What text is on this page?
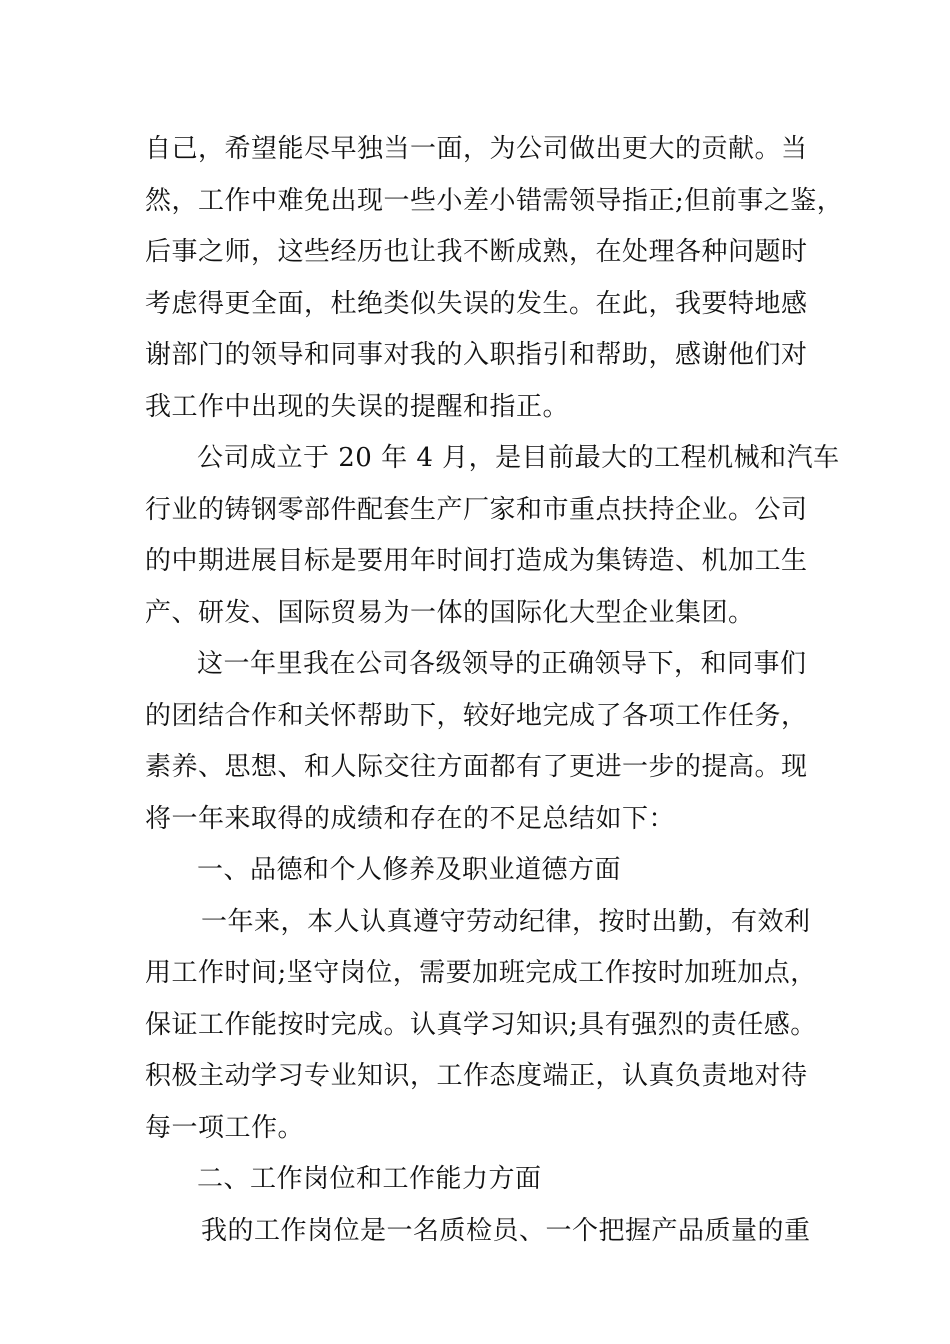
自己，希望能尽早独当一面，为公司做出更大的贡献。当
然，工作中难免出现一些小差小错需领导指正;但前事之鉴，
后事之师，这些经历也让我不断成熟，在处理各种问题时
考虑得更全面，杜绝类似失误的发生。在此，我要特地感
谢部门的领导和同事对我的入职指引和帮助，感谢他们对
我工作中出现的失误的提醒和指正。
公司成立于 20 年 4 月，是目前最大的工程机械和汽车
行业的铸钢零部件配套生产厂家和市重点扶持企业。公司
的中期进展目标是要用年时间打造成为集铸造、机加工生
产、研发、国际贸易为一体的国际化大型企业集团。
这一年里我在公司各级领导的正确领导下，和同事们
的团结合作和关怀帮助下，较好地完成了各项工作任务，
素养、思想、和人际交往方面都有了更进一步的提高。现
将一年来取得的成绩和存在的不足总结如下：
一、品德和个人修养及职业道德方面
一年来，本人认真遵守劳动纪律，按时出勤，有效利
用工作时间;坚守岗位，需要加班完成工作按时加班加点，
保证工作能按时完成。认真学习知识;具有强烈的责任感。
积极主动学习专业知识，工作态度端正，认真负责地对待
每一项工作。
二、工作岗位和工作能力方面
我的工作岗位是一名质检员、一个把握产品质量的重
